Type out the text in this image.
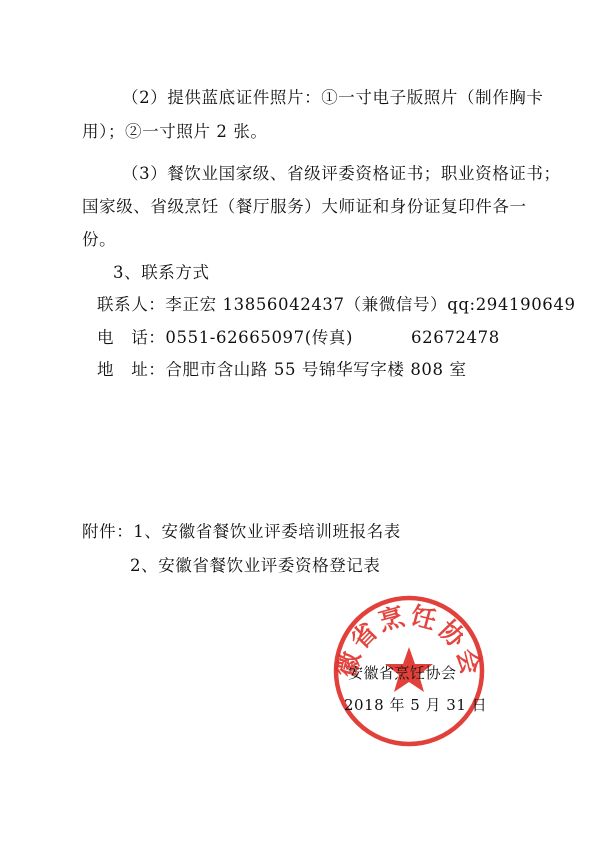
（2）提供蓝底证件照片：①一寸电子版照片（制作胸卡
用）；②一寸照片 2 张。
（3）餐饮业国家级、省级评委资格证书；职业资格证书；
国家级、省级烹饪（餐厅服务）大师证和身份证复印件各一
份。
3、联系方式
联系人：李正宏 13856042437（兼微信号）qq:294190649
电　话：0551-62665097(传真)	62672478
地　址：合肥市含山路 55 号锦华写字楼 808 室
附件：1、安徽省餐饮业评委培训班报名表
2、安徽省餐饮业评委资格登记表
徽省烹饪协会
安徽省烹饪协会
2018 年 5 月 31 日
